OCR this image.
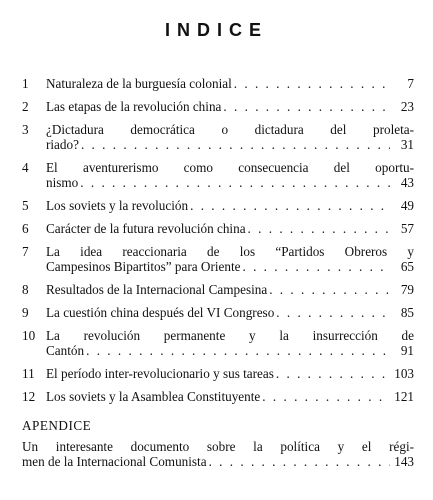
INDICE
1	Naturaleza de la burguesía colonial . . .	7
2	Las etapas de la revolución china . . .	23
3	¿Dictadura democrática o dictadura del proleta-
riado? . . .	31
4	El aventurerismo como consecuencia del oportu-
nismo . . .	43
5	Los soviets y la revolución . . .	49
6	Carácter de la futura revolución china . . .	57
7	La idea reaccionaria de los “Partidos Obreros y
Campesinos Bipartitos” para Oriente . . .	65
8	Resultados de la Internacional Campesina . . .	79
9	La cuestión china después del VI Congreso . . .	85
10 La revolución permanente y la insurrección de
Cantón . . .	91
11 El período inter-revolucionario y sus tareas . . .	103
12 Los soviets y la Asamblea Constituyente . . .	121
APENDICE
Un interesante documento sobre la política y el régi-
men de la Internacional Comunista . . .	143
